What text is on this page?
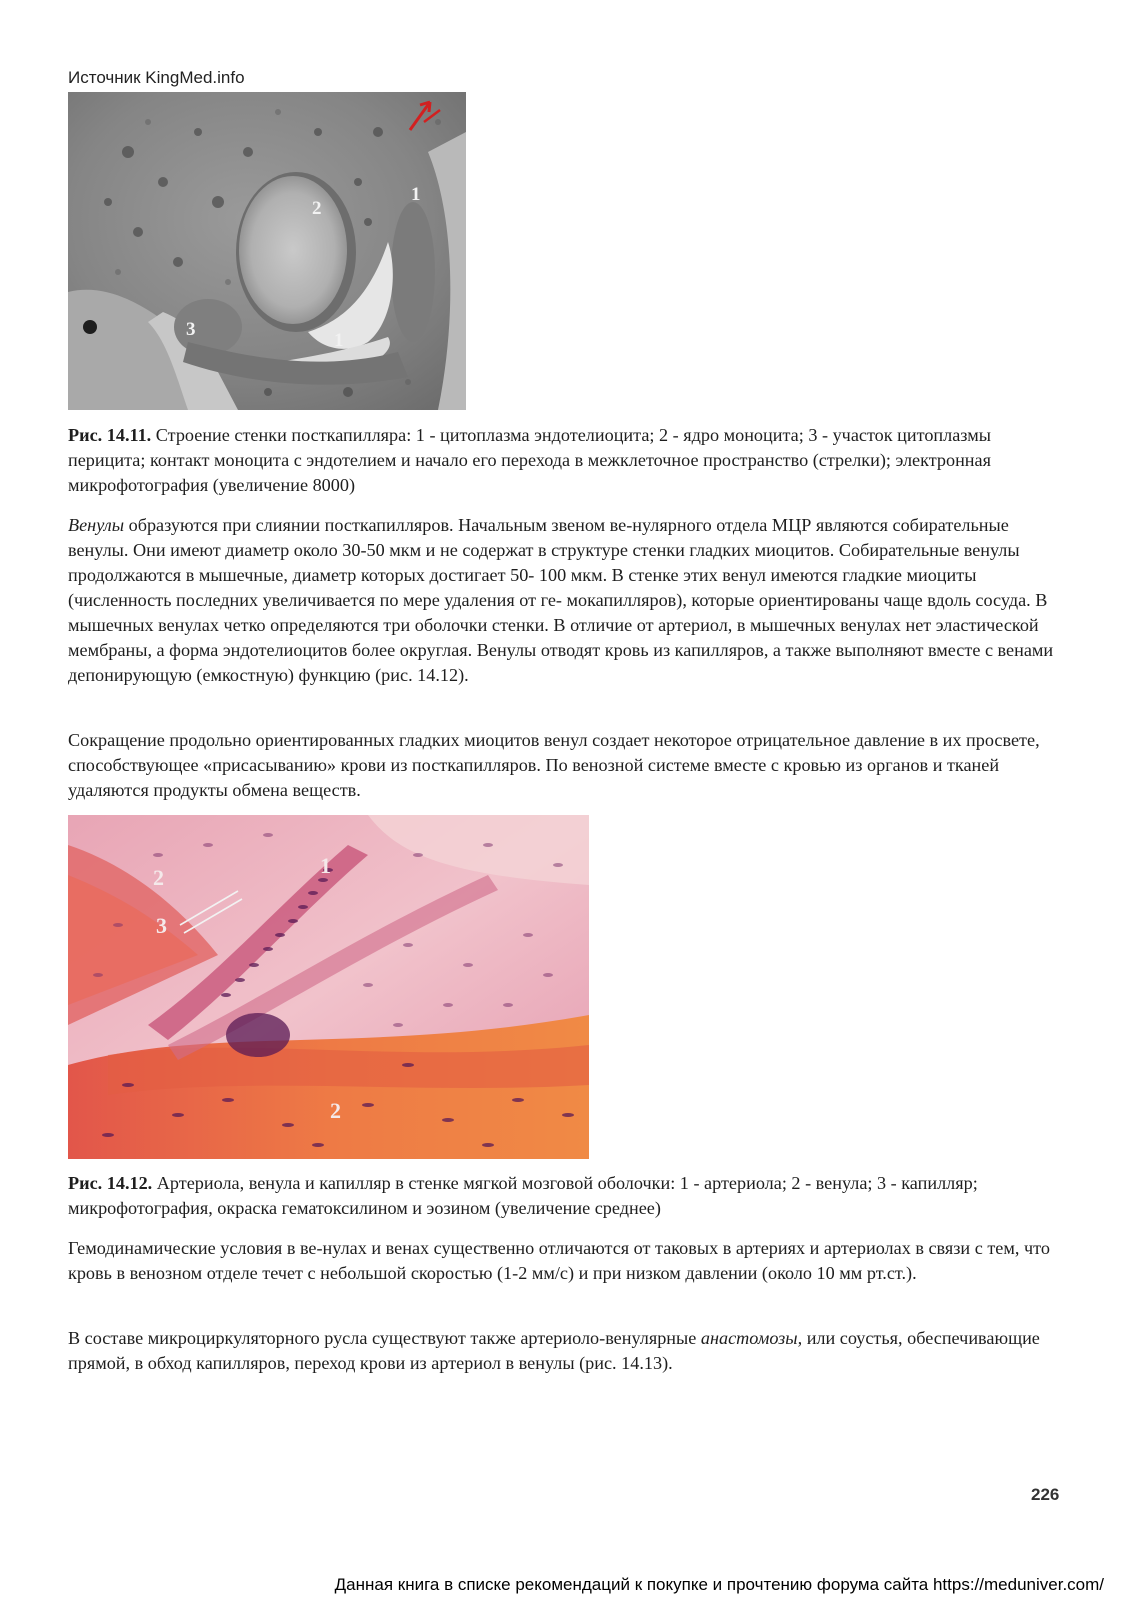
Источник KingMed.info
2
1
3
1

Рис. 14.11. Строение стенки посткапилляра: 1 - цитоплазма эндотелиоцита; 2 - ядро моноцита; 3 - участок цитоплазмы перицита; контакт моноцита с эндотелием и начало его перехода в межклеточное пространство (стрелки); электронная микрофотография (увеличение 8000)

Венулы образуются при слиянии посткапилляров. Начальным звеном ве-нулярного отдела МЦР являются собирательные венулы. Они имеют диаметр около 30-50 мкм и не содержат в структуре стенки гладких миоцитов. Собирательные венулы продолжаются в мышечные, диаметр которых достигает 50- 100 мкм. В стенке этих венул имеются гладкие миоциты (численность последних увеличивается по мере удаления от ге- мокапилляров), которые ориентированы чаще вдоль сосуда. В мышечных венулах четко определяются три оболочки стенки. В отличие от артериол, в мышечных венулах нет эластической мембраны, а форма эндотелиоцитов более округлая. Венулы отводят кровь из капилляров, а также выполняют вместе с венами депонирующую (емкостную) функцию (рис. 14.12).

Сокращение продольно ориентированных гладких миоцитов венул создает некоторое отрицательное давление в их просвете, способствующее «присасыванию» крови из посткапилляров. По венозной системе вместе с кровью из органов и тканей удаляются продукты обмена веществ.

1
2
3
2

Рис. 14.12. Артериола, венула и капилляр в стенке мягкой мозговой оболочки: 1 - артериола; 2 - венула; 3 - капилляр; микрофотография, окраска гематоксилином и эозином (увеличение среднее)

Гемодинамические условия в ве-нулах и венах существенно отличаются от таковых в артериях и артериолах в связи с тем, что кровь в венозном отделе течет с небольшой скоростью (1-2 мм/с) и при низком давлении (около 10 мм рт.ст.).

В составе микроциркуляторного русла существуют также артериоло-венулярные анастомозы, или соустья, обеспечивающие прямой, в обход капилляров, переход крови из артериол в венулы (рис. 14.13).

226
Данная книга в списке рекомендаций к покупке и прочтению форума сайта https://meduniver.com/
